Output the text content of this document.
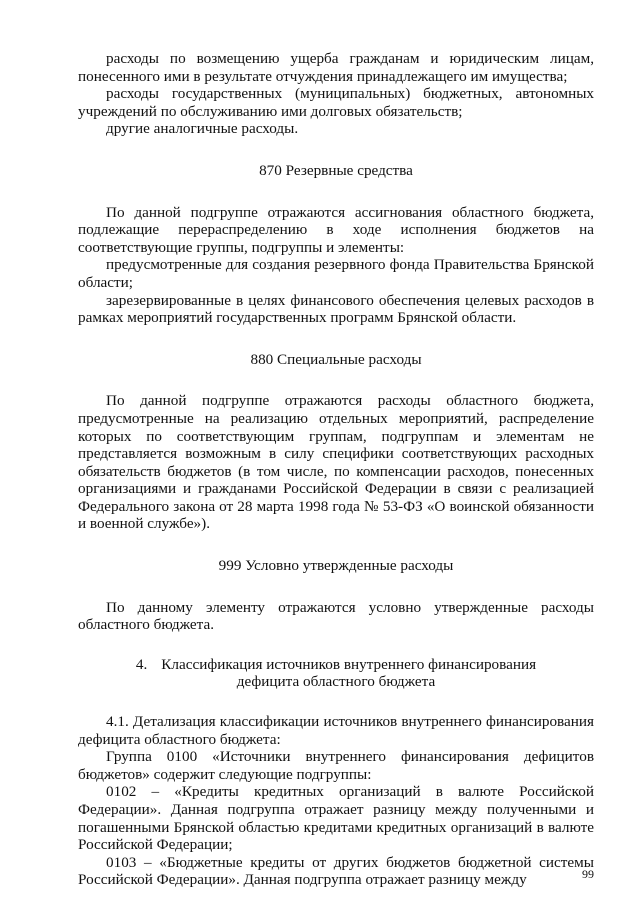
расходы по возмещению ущерба гражданам и юридическим лицам, понесенного ими в результате отчуждения принадлежащего им имущества;

расходы государственных (муниципальных) бюджетных, автономных учреждений по обслуживанию ими долговых обязательств;

другие аналогичные расходы.

870 Резервные средства

По данной подгруппе отражаются ассигнования областного бюджета, подлежащие перераспределению в ходе исполнения бюджетов на соответствующие группы, подгруппы и элементы:

предусмотренные для создания резервного фонда Правительства Брянской области;

зарезервированные в целях финансового обеспечения целевых расходов в рамках мероприятий государственных программ Брянской области.

880 Специальные расходы

По данной подгруппе отражаются расходы областного бюджета, предусмотренные на реализацию отдельных мероприятий, распределение которых по соответствующим группам, подгруппам и элементам не представляется возможным в силу специфики соответствующих расходных обязательств бюджетов (в том числе, по компенсации расходов, понесенных организациями и гражданами Российской Федерации в связи с реализацией Федерального закона от 28 марта 1998 года № 53-ФЗ «О воинской обязанности и военной службе»).

999 Условно утвержденные расходы

По данному элементу отражаются условно утвержденные расходы областного бюджета.

4. Классификация источников внутреннего финансирования
дефицита областного бюджета

4.1. Детализация классификации источников внутреннего финансирования дефицита областного бюджета:

Группа 0100 «Источники внутреннего финансирования дефицитов бюджетов» содержит следующие подгруппы:

0102 – «Кредиты кредитных организаций в валюте Российской Федерации». Данная подгруппа отражает разницу между полученными и погашенными Брянской областью кредитами кредитных организаций в валюте Российской Федерации;

0103 – «Бюджетные кредиты от других бюджетов бюджетной системы Российской Федерации». Данная подгруппа отражает разницу между	99
